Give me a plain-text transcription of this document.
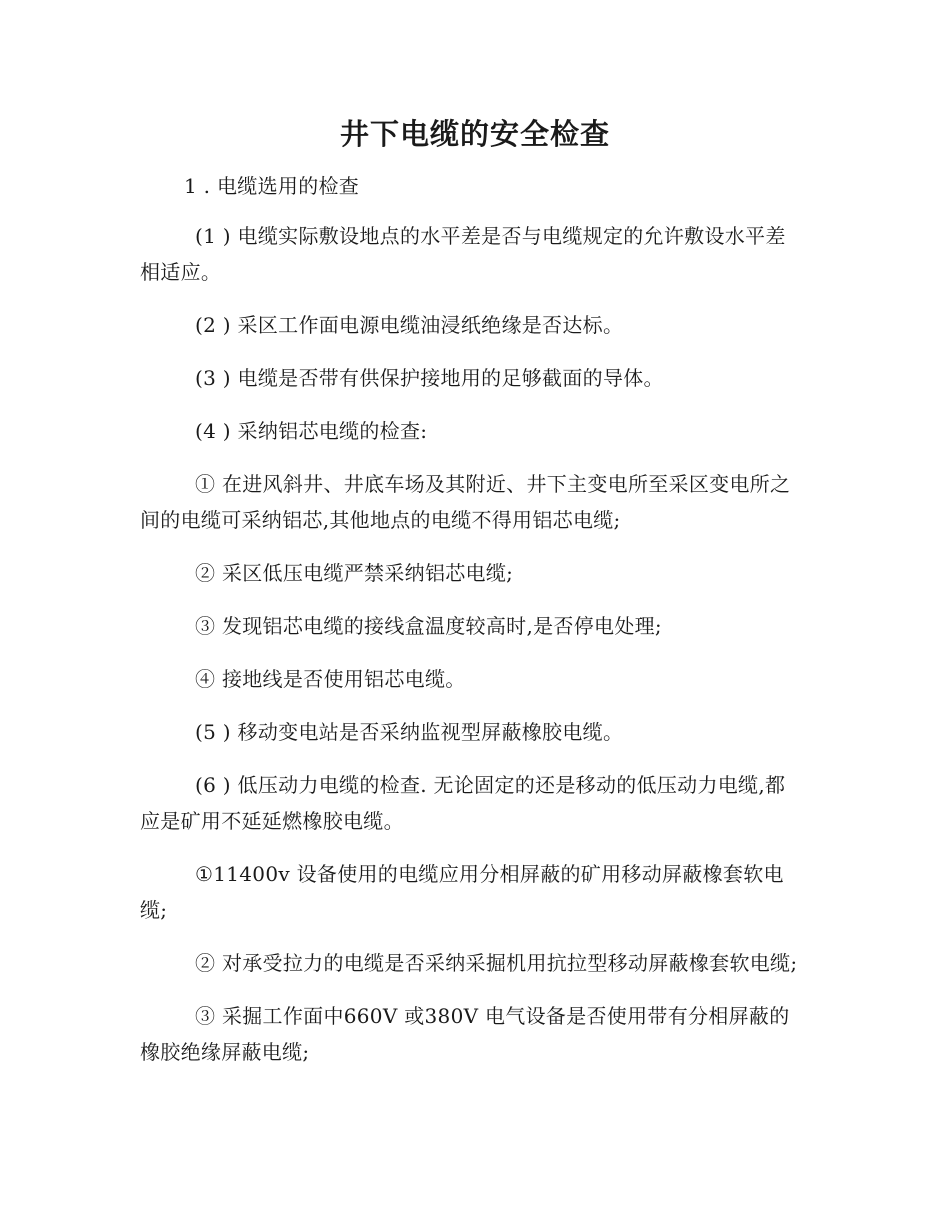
井下电缆的安全检查

1 . 电缆选用的检查

(1 ) 电缆实际敷设地点的水平差是否与电缆规定的允许敷设水平差相适应。

(2 ) 采区工作面电源电缆油浸纸绝缘是否达标。

(3 ) 电缆是否带有供保护接地用的足够截面的导体。

(4 ) 采纳铝芯电缆的检查:

① 在进风斜井、井底车场及其附近、井下主变电所至采区变电所之间的电缆可采纳铝芯,其他地点的电缆不得用铝芯电缆;

② 采区低压电缆严禁采纳铝芯电缆;

③ 发现铝芯电缆的接线盒温度较高时,是否停电处理;

④ 接地线是否使用铝芯电缆。

(5 ) 移动变电站是否采纳监视型屏蔽橡胶电缆。

(6 ) 低压动力电缆的检查. 无论固定的还是移动的低压动力电缆,都应是矿用不延延燃橡胶电缆。

①11400v 设备使用的电缆应用分相屏蔽的矿用移动屏蔽橡套软电缆;

② 对承受拉力的电缆是否采纳采掘机用抗拉型移动屏蔽橡套软电缆;

③ 采掘工作面中660V 或380V 电气设备是否使用带有分相屏蔽的橡胶绝缘屏蔽电缆;
